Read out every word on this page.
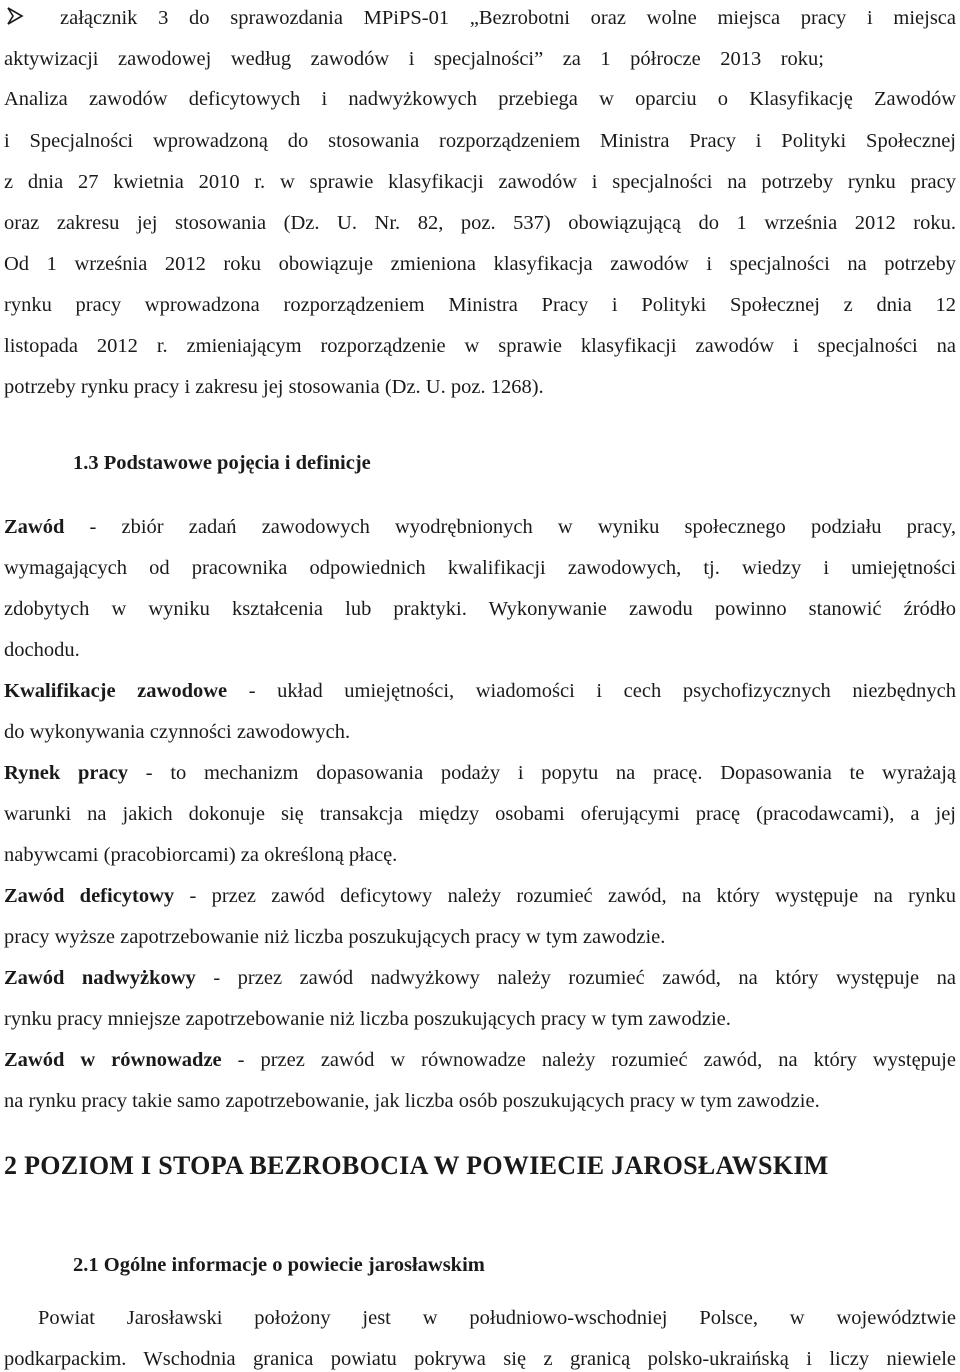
załącznik 3 do sprawozdania MPiPS-01 „Bezrobotni oraz wolne miejsca pracy i miejsca
aktywizacji zawodowej według zawodów i specjalności” za 1 półrocze 2013 roku;
Analiza zawodów deficytowych i nadwyżkowych przebiega w oparciu o Klasyfikację Zawodów
i Specjalności wprowadzoną do stosowania rozporządzeniem Ministra Pracy i Polityki Społecznej
z dnia 27 kwietnia 2010 r. w sprawie klasyfikacji zawodów i specjalności na potrzeby rynku pracy
oraz zakresu jej stosowania (Dz. U. Nr. 82, poz. 537) obowiązującą do 1 września 2012 roku.
Od 1 września 2012 roku obowiązuje zmieniona klasyfikacja zawodów i specjalności na potrzeby
rynku pracy wprowadzona rozporządzeniem Ministra Pracy i Polityki Społecznej z dnia 12
listopada 2012 r. zmieniającym rozporządzenie w sprawie klasyfikacji zawodów i specjalności na
potrzeby rynku pracy i zakresu jej stosowania (Dz. U. poz. 1268).
1.3 Podstawowe pojęcia i definicje
Zawód - zbiór zadań zawodowych wyodrębnionych w wyniku społecznego podziału pracy,
wymagających od pracownika odpowiednich kwalifikacji zawodowych, tj. wiedzy i umiejętności
zdobytych w wyniku kształcenia lub praktyki. Wykonywanie zawodu powinno stanowić źródło
dochodu.
Kwalifikacje zawodowe - układ umiejętności, wiadomości i cech psychofizycznych niezbędnych
do wykonywania czynności zawodowych.
Rynek pracy - to mechanizm dopasowania podaży i popytu na pracę. Dopasowania te wyrażają
warunki na jakich dokonuje się transakcja między osobami oferującymi pracę (pracodawcami), a jej
nabywcami (pracobiorcami) za określoną płacę.
Zawód deficytowy - przez zawód deficytowy należy rozumieć zawód, na który występuje na rynku
pracy wyższe zapotrzebowanie niż liczba poszukujących pracy w tym zawodzie.
Zawód nadwyżkowy - przez zawód nadwyżkowy należy rozumieć zawód, na który występuje na
rynku pracy mniejsze zapotrzebowanie niż liczba poszukujących pracy w tym zawodzie.
Zawód w równowadze - przez zawód w równowadze należy rozumieć zawód, na który występuje
na rynku pracy takie samo zapotrzebowanie, jak liczba osób poszukujących pracy w tym zawodzie.
2 POZIOM I STOPA BEZROBOCIA W POWIECIE JAROSŁAWSKIM
2.1 Ogólne informacje o powiecie jarosławskim
Powiat Jarosławski położony jest w południowo-wschodniej Polsce, w województwie
podkarpackim. Wschodnia granica powiatu pokrywa się z granicą polsko-ukraińską i liczy niewiele
